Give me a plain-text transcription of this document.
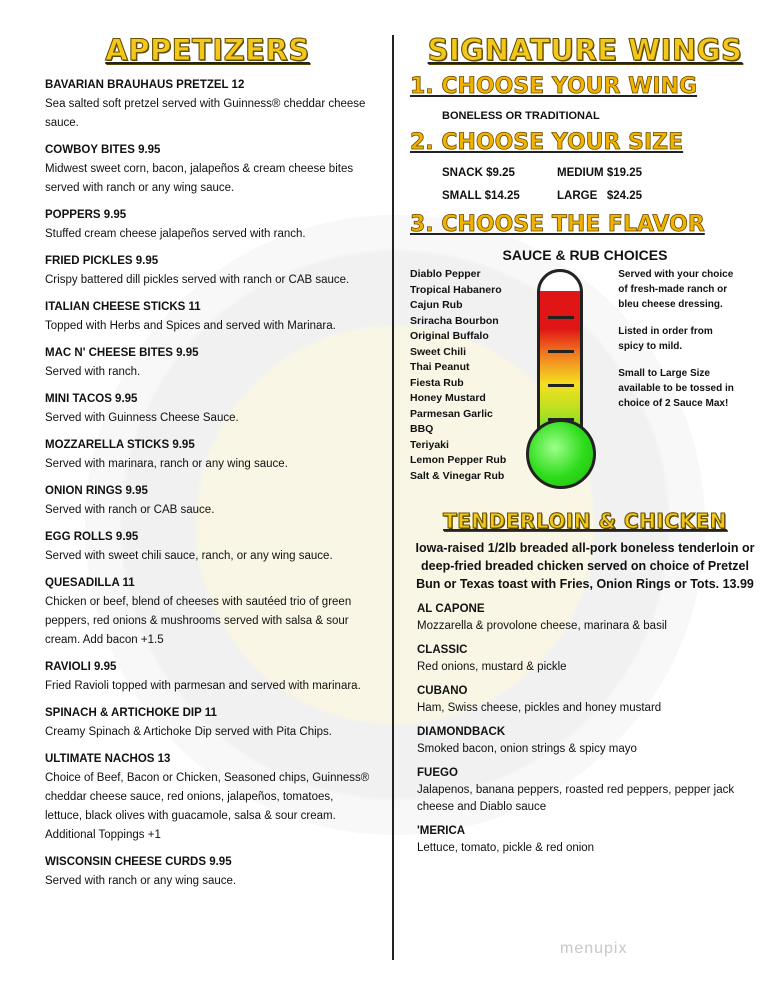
APPETIZERS
BAVARIAN BRAUHAUS PRETZEL 12
Sea salted soft pretzel served with Guinness® cheddar cheese sauce.
COWBOY BITES 9.95
Midwest sweet corn, bacon, jalapeños & cream cheese bites served with ranch or any wing sauce.
POPPERS 9.95
Stuffed cream cheese jalapeños served with ranch.
FRIED PICKLES 9.95
Crispy battered dill pickles served with ranch or CAB sauce.
ITALIAN CHEESE STICKS 11
Topped with Herbs and Spices and served with Marinara.
MAC N' CHEESE BITES 9.95
Served with ranch.
MINI TACOS 9.95
Served with Guinness Cheese Sauce.
MOZZARELLA STICKS 9.95
Served with marinara, ranch or any wing sauce.
ONION RINGS 9.95
Served with ranch or CAB sauce.
EGG ROLLS 9.95
Served with sweet chili sauce, ranch, or any wing sauce.
QUESADILLA 11
Chicken or beef, blend of cheeses with sautéed trio of green peppers, red onions & mushrooms served with salsa & sour cream. Add bacon +1.5
RAVIOLI 9.95
Fried Ravioli topped with parmesan and served with marinara.
SPINACH & ARTICHOKE DIP 11
Creamy Spinach & Artichoke Dip served with Pita Chips.
ULTIMATE NACHOS 13
Choice of Beef, Bacon or Chicken, Seasoned chips, Guinness® cheddar cheese sauce, red onions, jalapeños, tomatoes, lettuce, black olives with guacamole, salsa & sour cream. Additional Toppings +1
WISCONSIN CHEESE CURDS 9.95
Served with ranch or any wing sauce.
SIGNATURE WINGS
1. CHOOSE YOUR WING
BONELESS OR TRADITIONAL
2. CHOOSE YOUR SIZE
SNACK $9.25	MEDIUM $19.25
SMALL $14.25	LARGE $24.25
3. CHOOSE THE FLAVOR
SAUCE & RUB CHOICES
Diablo Pepper
Tropical Habanero
Cajun Rub
Sriracha Bourbon
Original Buffalo
Sweet Chili
Thai Peanut
Fiesta Rub
Honey Mustard
Parmesan Garlic
BBQ
Teriyaki
Lemon Pepper Rub
Salt & Vinegar Rub
Served with your choice of fresh-made ranch or bleu cheese dressing.
Listed in order from spicy to mild.
Small to Large Size available to be tossed in choice of 2 Sauce Max!
TENDERLOIN & CHICKEN
Iowa-raised 1/2lb breaded all-pork boneless tenderloin or deep-fried breaded chicken served on choice of Pretzel Bun or Texas toast with Fries, Onion Rings or Tots. 13.99
AL CAPONE
Mozzarella & provolone cheese, marinara & basil
CLASSIC
Red onions, mustard & pickle
CUBANO
Ham, Swiss cheese, pickles and honey mustard
DIAMONDBACK
Smoked bacon, onion strings & spicy mayo
FUEGO
Jalapenos, banana peppers, roasted red peppers, pepper jack cheese and Diablo sauce
'MERICA
Lettuce, tomato, pickle & red onion
menupix
